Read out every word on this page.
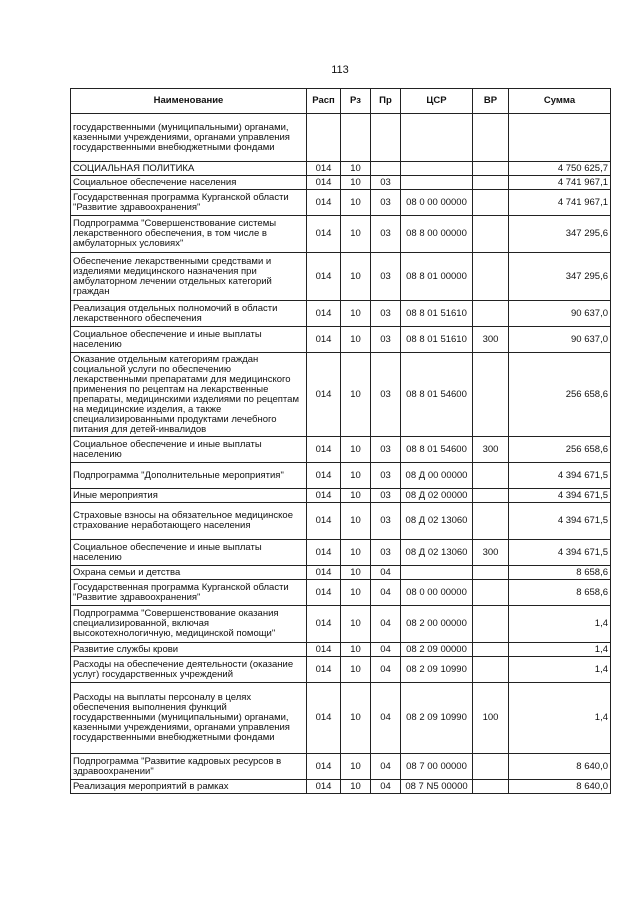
113
Наименование	Расп	Рз	Пр	ЦСР	ВР	Сумма
государственными (муниципальными) органами, казенными учреждениями, органами управления государственными внебюджетными фондами						
СОЦИАЛЬНАЯ ПОЛИТИКА	014	10				4 750 625,7
Социальное обеспечение населения	014	10	03			4 741 967,1
Государственная программа Курганской области "Развитие здравоохранения"	014	10	03	08 0 00 00000		4 741 967,1
Подпрограмма "Совершенствование системы лекарственного обеспечения, в том числе в амбулаторных условиях"	014	10	03	08 8 00 00000		347 295,6
Обеспечение лекарственными средствами и изделиями медицинского назначения при амбулаторном лечении отдельных категорий граждан	014	10	03	08 8 01 00000		347 295,6
Реализация отдельных полномочий в области лекарственного обеспечения	014	10	03	08 8 01 51610		90 637,0
Социальное обеспечение и иные выплаты населению	014	10	03	08 8 01 51610	300	90 637,0
Оказание отдельным категориям граждан социальной услуги по обеспечению лекарственными препаратами для медицинского применения по рецептам на лекарственные препараты, медицинскими изделиями по рецептам на медицинские изделия, а также специализированными продуктами лечебного питания для детей-инвалидов	014	10	03	08 8 01 54600		256 658,6
Социальное обеспечение и иные выплаты населению	014	10	03	08 8 01 54600	300	256 658,6
Подпрограмма "Дополнительные мероприятия"	014	10	03	08 Д 00 00000		4 394 671,5
Иные мероприятия	014	10	03	08 Д 02 00000		4 394 671,5
Страховые взносы на обязательное медицинское страхование неработающего населения	014	10	03	08 Д 02 13060		4 394 671,5
Социальное обеспечение и иные выплаты населению	014	10	03	08 Д 02 13060	300	4 394 671,5
Охрана семьи и детства	014	10	04			8 658,6
Государственная программа Курганской области "Развитие здравоохранения"	014	10	04	08 0 00 00000		8 658,6
Подпрограмма "Совершенствование оказания специализированной, включая высокотехнологичную, медицинской помощи"	014	10	04	08 2 00 00000		1,4
Развитие службы крови	014	10	04	08 2 09 00000		1,4
Расходы на обеспечение деятельности (оказание услуг) государственных учреждений	014	10	04	08 2 09 10990		1,4
Расходы на выплаты персоналу в целях обеспечения выполнения функций государственными (муниципальными) органами, казенными учреждениями, органами управления государственными внебюджетными фондами	014	10	04	08 2 09 10990	100	1,4
Подпрограмма "Развитие кадровых ресурсов в здравоохранении"	014	10	04	08 7 00 00000		8 640,0
Реализация мероприятий в рамках	014	10	04	08 7 N5 00000		8 640,0
